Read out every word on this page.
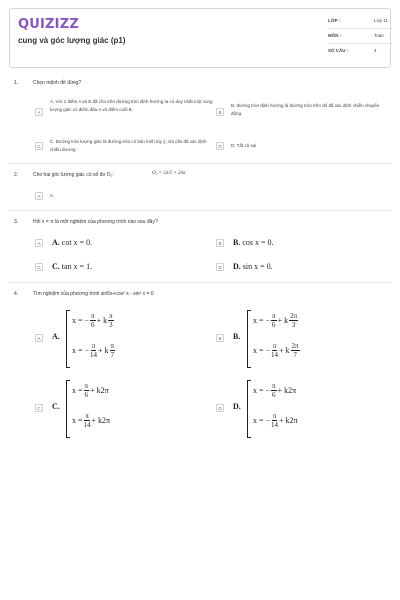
QUIZIZZ
cung và góc lượng giác (p1)
LỚP :	Lớp 11
MÔN :	Toán
SỐ CÂU :	4
1.	Chọn mệnh đề đúng?
A
A. Với 2 điểm A và B đã cho trên đường tròn định hướng ta có duy nhất một cung lượng giác có điểm đầu A và điểm cuối B.
B
B. đường tròn định hướng là đường tròn trên đó đã xác định chiều chuyển động.
C
C. Đường tròn lượng giác là đường tròn có bán kính tùy ý; chỉ cần đã xác định chiều dương.	D	D. Tất cả sai
2.	Cho hai góc lượng giác có số đo O₁:	O₂ = 5π/2 + 2nπ
A	A.
3.	Hỏi x = π là một nghiệm của phương trình nào sau đây?
A	A. cot x = 0.	B	B. cos x = 0.
C C. tan x = 1.	D D. sin x = 0.
4.	Tìm nghiệm của phương trình sin5x+cos² x - sin² x = 0
A	A.
x = − $\frac{\pi}{6} + k \frac{\pi}{3}$
x = − $\frac{\pi}{14} + k \frac{\pi}{7}$
B	B.
x = − $\frac{\pi}{6} + k \frac{2\pi}{3}$
x = − $\frac{\pi}{14} + k \frac{2\pi}{7}$
C C.
$x = \frac{\pi}{6} + k2\pi$
$x = \frac{\pi}{14} + k2\pi$
D D.
x = − $\frac{\pi}{6} + k2\pi$
x = − $\frac{\pi}{14} + k2\pi$
